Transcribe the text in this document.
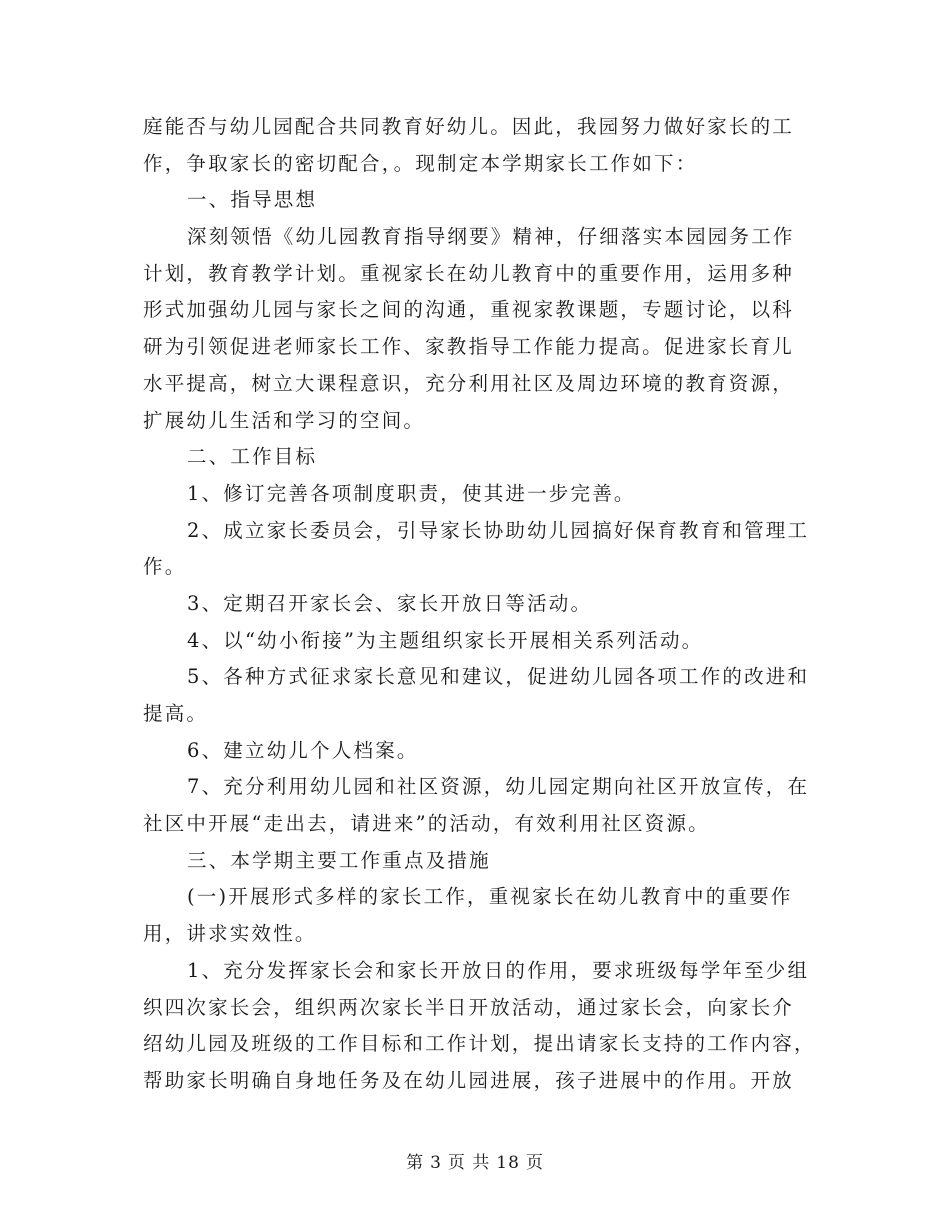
庭能否与幼儿园配合共同教育好幼儿。因此，我园努力做好家长的工
作，争取家长的密切配合，。现制定本学期家长工作如下：
一、指导思想
深刻领悟《幼儿园教育指导纲要》精神，仔细落实本园园务工作
计划，教育教学计划。重视家长在幼儿教育中的重要作用，运用多种
形式加强幼儿园与家长之间的沟通，重视家教课题，专题讨论，以科
研为引领促进老师家长工作、家教指导工作能力提高。促进家长育儿
水平提高，树立大课程意识，充分利用社区及周边环境的教育资源，
扩展幼儿生活和学习的空间。
二、工作目标
1、修订完善各项制度职责，使其进一步完善。
2、成立家长委员会，引导家长协助幼儿园搞好保育教育和管理工
作。
3、定期召开家长会、家长开放日等活动。
4、以“幼小衔接”为主题组织家长开展相关系列活动。
5、各种方式征求家长意见和建议，促进幼儿园各项工作的改进和
提高。
6、建立幼儿个人档案。
7、充分利用幼儿园和社区资源，幼儿园定期向社区开放宣传，在
社区中开展“走出去，请进来”的活动，有效利用社区资源。
三、本学期主要工作重点及措施
(一)开展形式多样的家长工作，重视家长在幼儿教育中的重要作
用，讲求实效性。
1、充分发挥家长会和家长开放日的作用，要求班级每学年至少组
织四次家长会，组织两次家长半日开放活动，通过家长会，向家长介
绍幼儿园及班级的工作目标和工作计划，提出请家长支持的工作内容，
帮助家长明确自身地任务及在幼儿园进展，孩子进展中的作用。开放
第 3 页 共 18 页
